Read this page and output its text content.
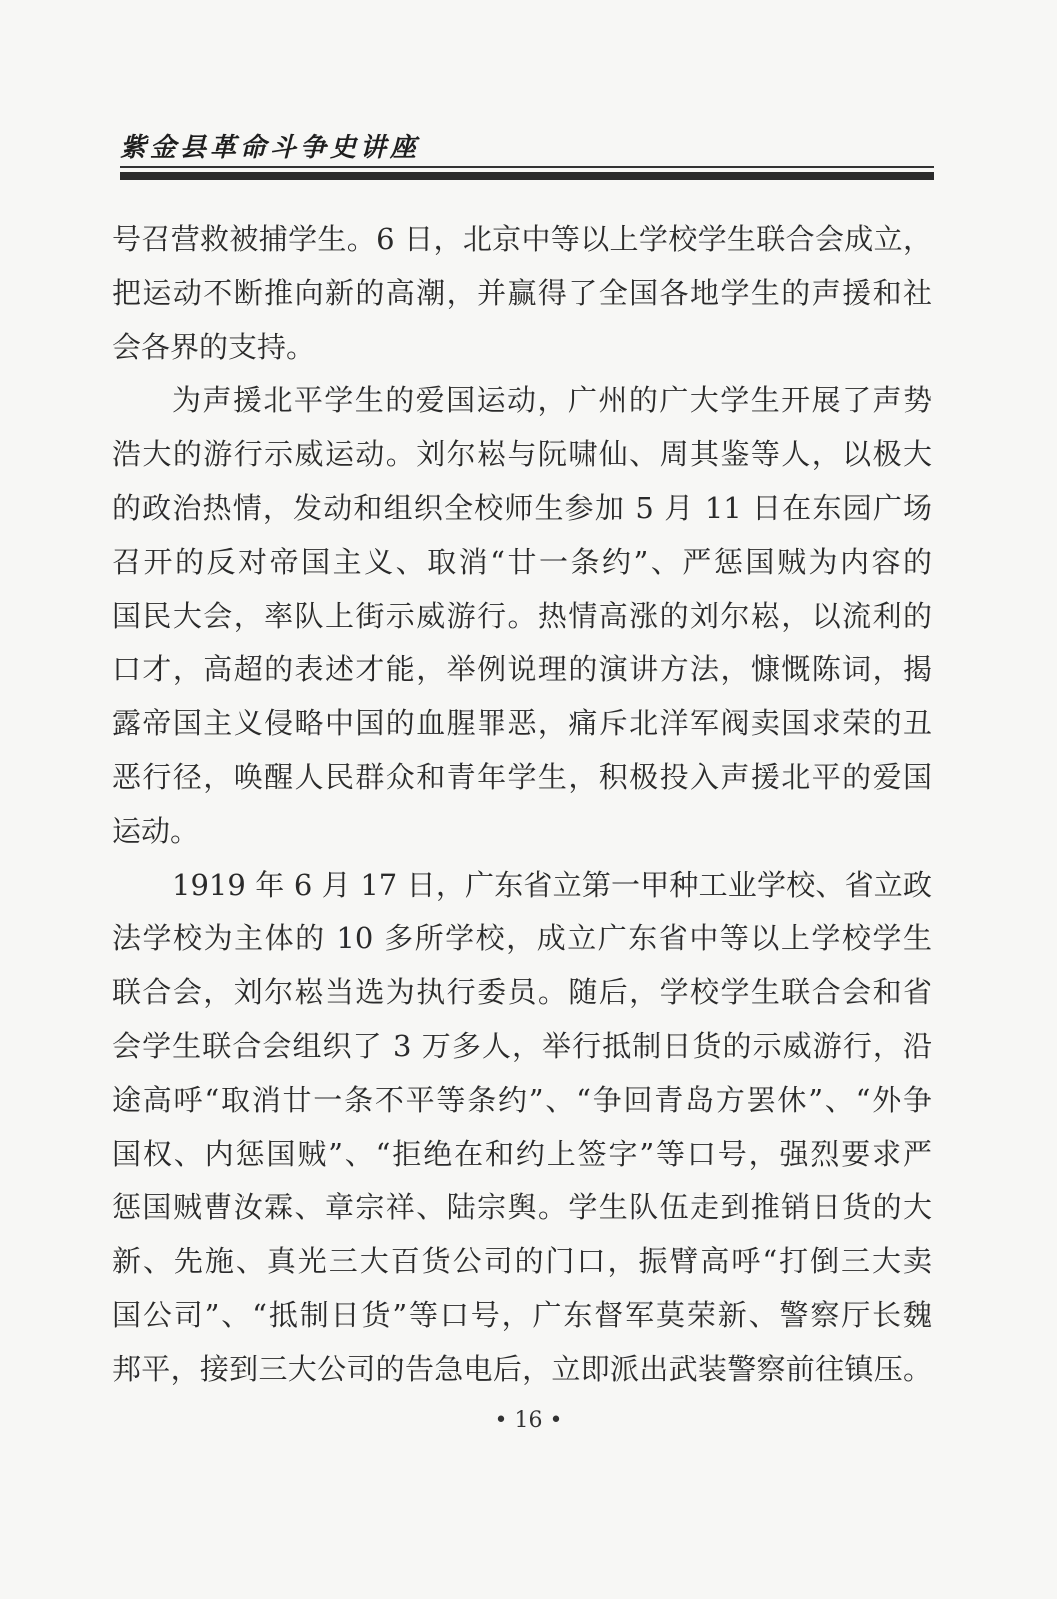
紫金县革命斗争史讲座
号召营救被捕学生。6 日，北京中等以上学校学生联合会成立，
把运动不断推向新的高潮，并赢得了全国各地学生的声援和社
会各界的支持。
为声援北平学生的爱国运动，广州的广大学生开展了声势
浩大的游行示威运动。刘尔崧与阮啸仙、周其鉴等人，以极大
的政治热情，发动和组织全校师生参加 5 月 11 日在东园广场
召开的反对帝国主义、取消“廿一条约”、严惩国贼为内容的
国民大会，率队上街示威游行。热情高涨的刘尔崧，以流利的
口才，高超的表述才能，举例说理的演讲方法，慷慨陈词，揭
露帝国主义侵略中国的血腥罪恶，痛斥北洋军阀卖国求荣的丑
恶行径，唤醒人民群众和青年学生，积极投入声援北平的爱国
运动。
1919 年 6 月 17 日，广东省立第一甲种工业学校、省立政
法学校为主体的 10 多所学校，成立广东省中等以上学校学生
联合会，刘尔崧当选为执行委员。随后，学校学生联合会和省
会学生联合会组织了 3 万多人，举行抵制日货的示威游行，沿
途高呼“取消廿一条不平等条约”、“争回青岛方罢休”、“外争
国权、内惩国贼”、“拒绝在和约上签字”等口号，强烈要求严
惩国贼曹汝霖、章宗祥、陆宗舆。学生队伍走到推销日货的大
新、先施、真光三大百货公司的门口，振臂高呼“打倒三大卖
国公司”、“抵制日货”等口号，广东督军莫荣新、警察厅长魏
邦平，接到三大公司的告急电后，立即派出武装警察前往镇压。
• 16 •
